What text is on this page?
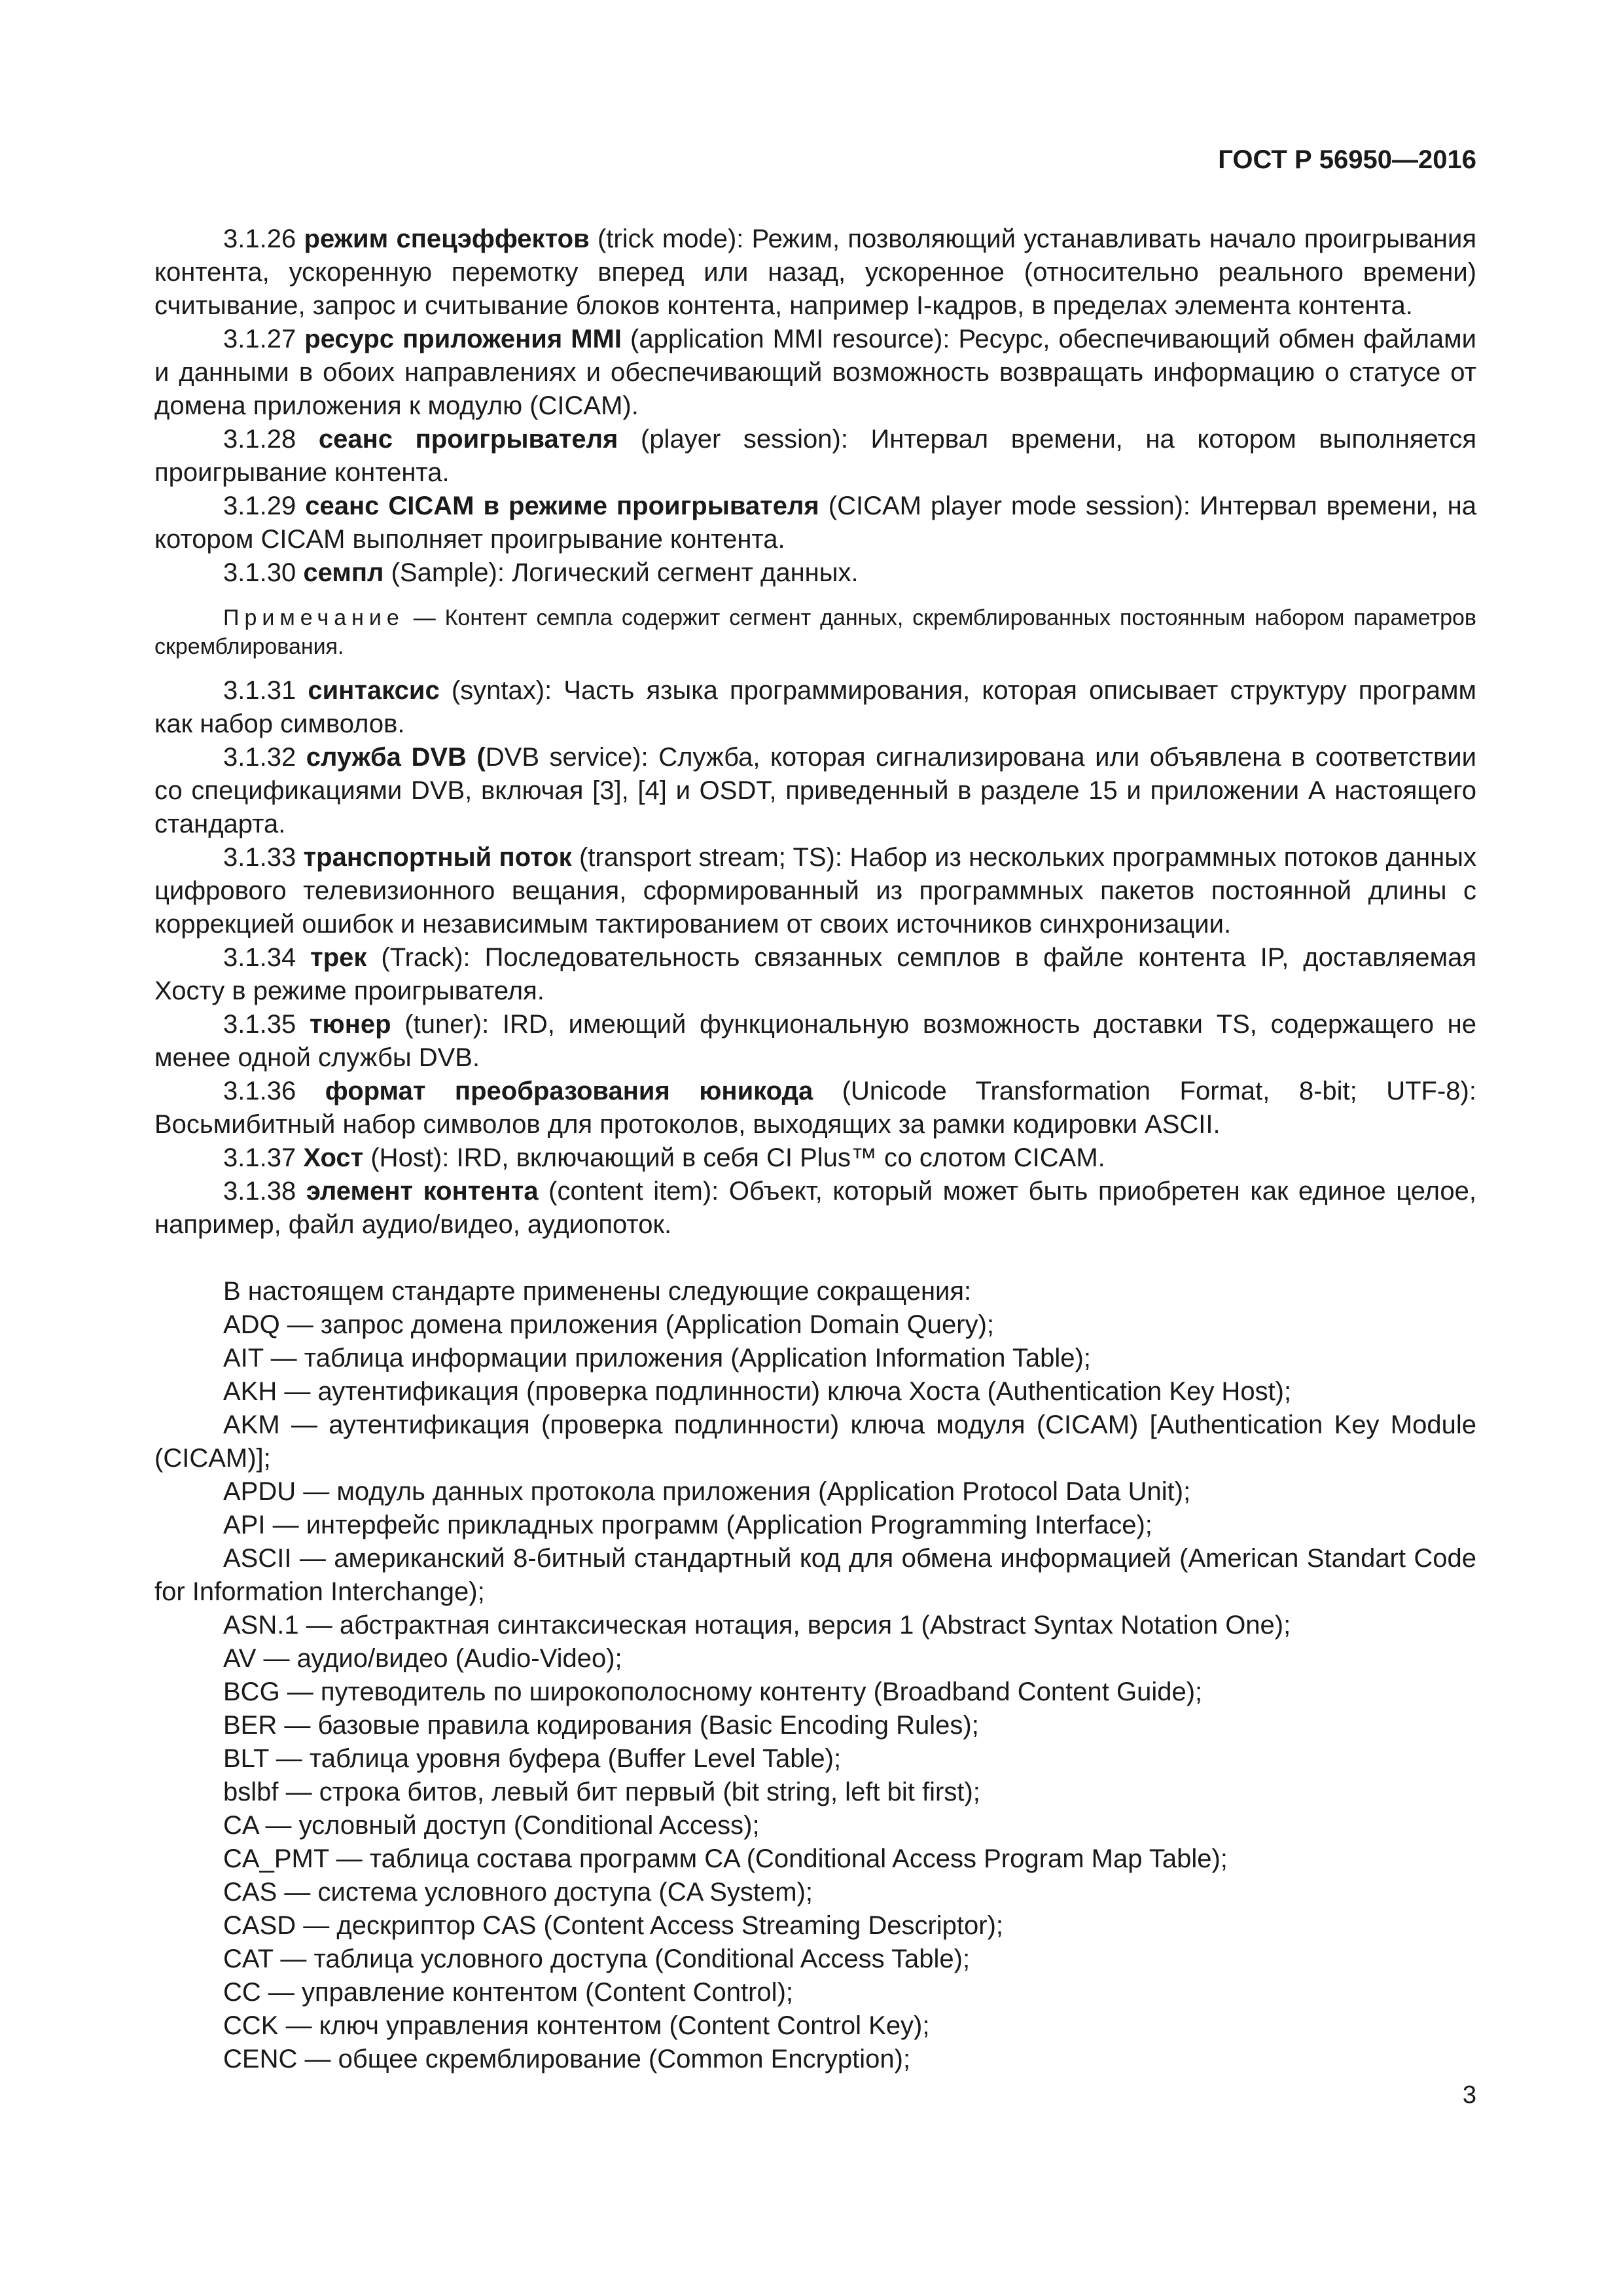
ГОСТ Р 56950—2016

3.1.26 режим спецэффектов (trick mode): Режим, позволяющий устанавливать начало проигрывания контента, ускоренную перемотку вперед или назад, ускоренное (относительно реального времени) считывание, запрос и считывание блоков контента, например I-кадров, в пределах элемента контента.

3.1.27 ресурс приложения MMI (application MMI resource): Ресурс, обеспечивающий обмен файлами и данными в обоих направлениях и обеспечивающий возможность возвращать информацию о статусе от домена приложения к модулю (CICAM).

3.1.28 сеанс проигрывателя (player session): Интервал времени, на котором выполняется проигрывание контента.

3.1.29 сеанс CICAM в режиме проигрывателя (CICAM player mode session): Интервал времени, на котором CICAM выполняет проигрывание контента.

3.1.30 семпл (Sample): Логический сегмент данных.

Примечание — Контент семпла содержит сегмент данных, скремблированных постоянным набором параметров скремблирования.

3.1.31 синтаксис (syntax): Часть языка программирования, которая описывает структуру программ как набор символов.

3.1.32 служба DVB (DVB service): Служба, которая сигнализирована или объявлена в соответствии со спецификациями DVB, включая [3], [4] и OSDT, приведенный в разделе 15 и приложении А настоящего стандарта.

3.1.33 транспортный поток (transport stream; TS): Набор из нескольких программных потоков данных цифрового телевизионного вещания, сформированный из программных пакетов постоянной длины с коррекцией ошибок и независимым тактированием от своих источников синхронизации.

3.1.34 трек (Track): Последовательность связанных семплов в файле контента IP, доставляемая Хосту в режиме проигрывателя.

3.1.35 тюнер (tuner): IRD, имеющий функциональную возможность доставки TS, содержащего не менее одной службы DVB.

3.1.36 формат преобразования юникода (Unicode Transformation Format, 8-bit; UTF-8): Восьмибитный набор символов для протоколов, выходящих за рамки кодировки ASCII.

3.1.37 Хост (Host): IRD, включающий в себя CI Plus™ со слотом CICAM.

3.1.38 элемент контента (content item): Объект, который может быть приобретен как единое целое, например, файл аудио/видео, аудиопоток.

В настоящем стандарте применены следующие сокращения:

ADQ — запрос домена приложения (Application Domain Query);

AIT — таблица информации приложения (Application Information Table);

AKH — аутентификация (проверка подлинности) ключа Хоста (Authentication Key Host);

AKM — аутентификация (проверка подлинности) ключа модуля (CICAM) [Authentication Key Module (CICAM)];

APDU — модуль данных протокола приложения (Application Protocol Data Unit);

API — интерфейс прикладных программ (Application Programming Interface);

ASCII — американский 8-битный стандартный код для обмена информацией (American Standart Code for Information Interchange);

ASN.1 — абстрактная синтаксическая нотация, версия 1 (Abstract Syntax Notation One);

AV — аудио/видео (Audio-Video);

BCG — путеводитель по широкополосному контенту (Broadband Content Guide);

BER — базовые правила кодирования (Basic Encoding Rules);

BLT — таблица уровня буфера (Buffer Level Table);

bslbf — строка битов, левый бит первый (bit string, left bit first);

CA — условный доступ (Conditional Access);

CA_PMT — таблица состава программ CA (Conditional Access Program Map Table);

CAS — система условного доступа (CA System);

CASD — дескриптор CAS (Content Access Streaming Descriptor);

CAT — таблица условного доступа (Conditional Access Table);

CC — управление контентом (Content Control);

CCK — ключ управления контентом (Content Control Key);

CENC — общее скремблирование (Common Encryption);

3
